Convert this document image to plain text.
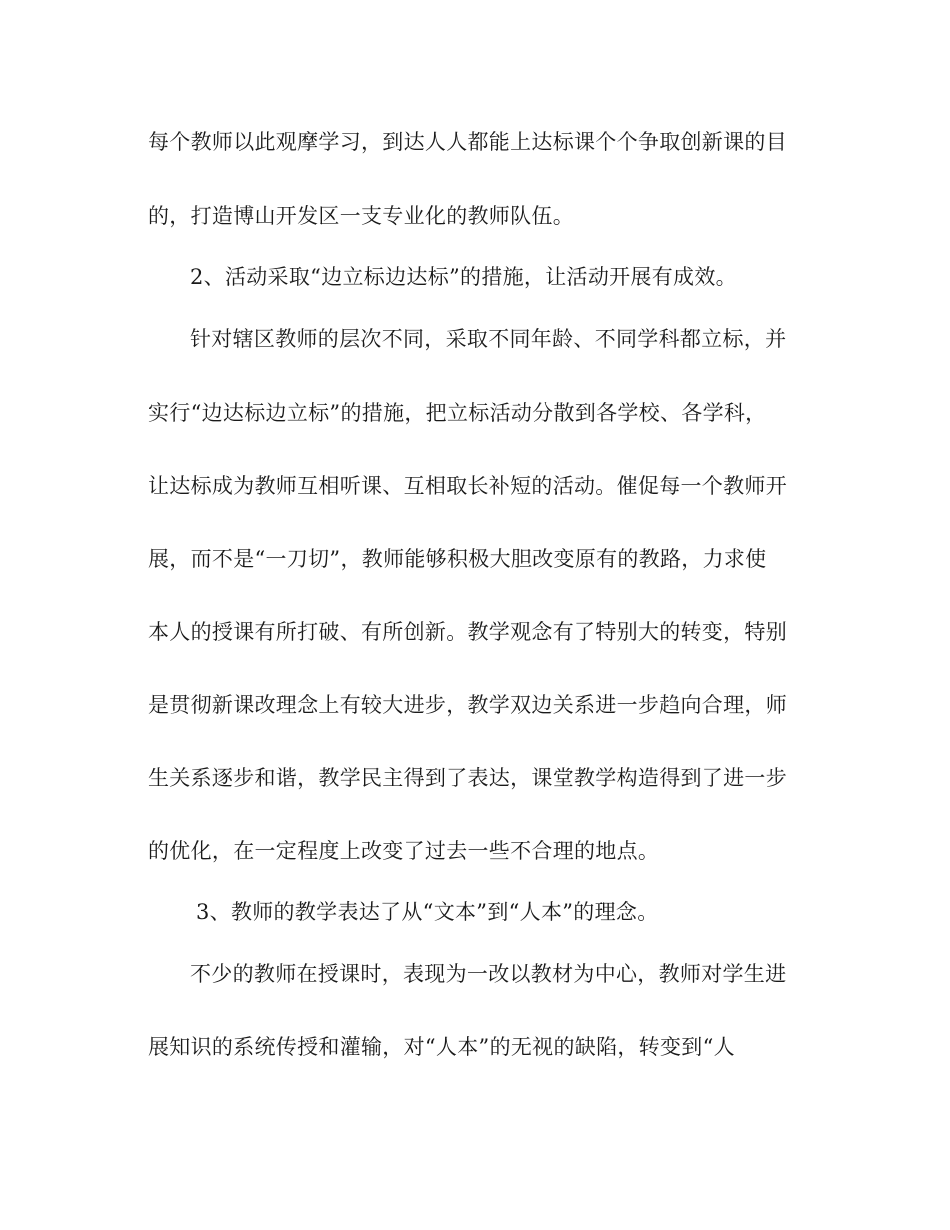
每个教师以此观摩学习，到达人人都能上达标课个个争取创新课的目
的，打造博山开发区一支专业化的教师队伍。
2、活动采取“边立标边达标”的措施，让活动开展有成效。
针对辖区教师的层次不同，采取不同年龄、不同学科都立标，并
实行“边达标边立标”的措施，把立标活动分散到各学校、各学科，
让达标成为教师互相听课、互相取长补短的活动。催促每一个教师开
展，而不是“一刀切”，教师能够积极大胆改变原有的教路，力求使
本人的授课有所打破、有所创新。教学观念有了特别大的转变，特别
是贯彻新课改理念上有较大进步，教学双边关系进一步趋向合理，师
生关系逐步和谐，教学民主得到了表达，课堂教学构造得到了进一步
的优化，在一定程度上改变了过去一些不合理的地点。
3、教师的教学表达了从“文本”到“人本”的理念。
不少的教师在授课时，表现为一改以教材为中心，教师对学生进
展知识的系统传授和灌输，对“人本”的无视的缺陷，转变到“人
